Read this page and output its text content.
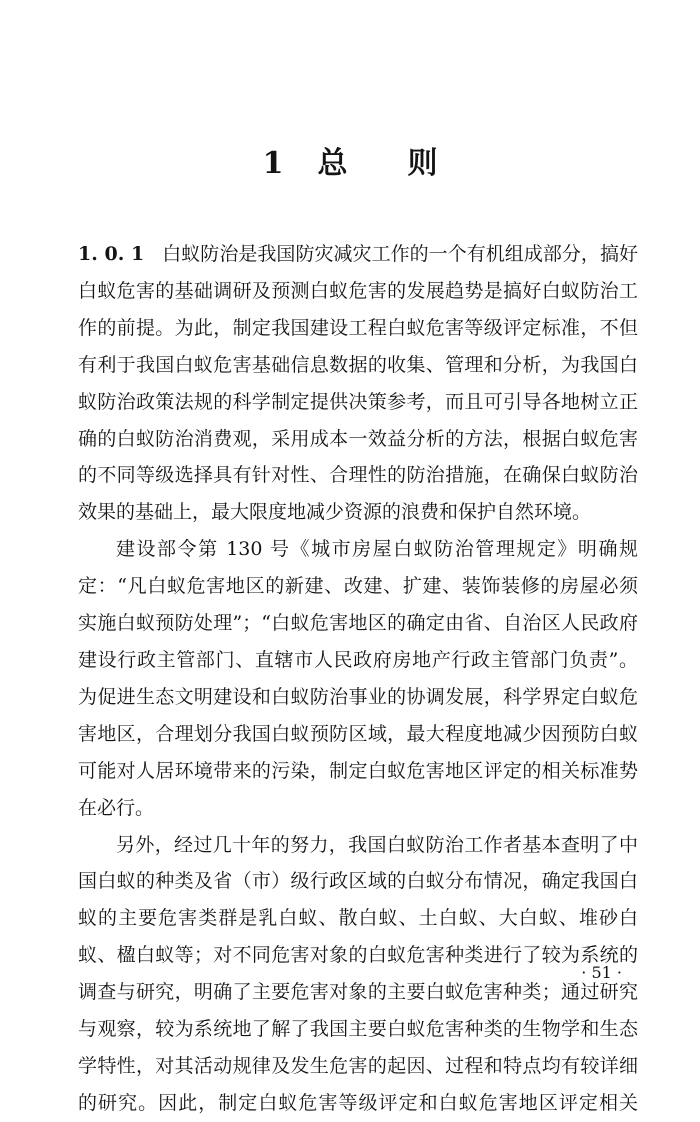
1 总 则

1. 0. 1 白蚁防治是我国防灾减灾工作的一个有机组成部分，搞好白蚁危害的基础调研及预测白蚁危害的发展趋势是搞好白蚁防治工作的前提。为此，制定我国建设工程白蚁危害等级评定标准，不但有利于我国白蚁危害基础信息数据的收集、管理和分析，为我国白蚁防治政策法规的科学制定提供决策参考，而且可引导各地树立正确的白蚁防治消费观，采用成本一效益分析的方法，根据白蚁危害的不同等级选择具有针对性、合理性的防治措施，在确保白蚁防治效果的基础上，最大限度地减少资源的浪费和保护自然环境。

建设部令第 130 号《城市房屋白蚁防治管理规定》明确规定：“凡白蚁危害地区的新建、改建、扩建、装饰装修的房屋必须实施白蚁预防处理”；“白蚁危害地区的确定由省、自治区人民政府建设行政主管部门、直辖市人民政府房地产行政主管部门负责”。为促进生态文明建设和白蚁防治事业的协调发展，科学界定白蚁危害地区，合理划分我国白蚁预防区域，最大程度地减少因预防白蚁可能对人居环境带来的污染，制定白蚁危害地区评定的相关标准势在必行。

另外，经过几十年的努力，我国白蚁防治工作者基本查明了中国白蚁的种类及省（市）级行政区域的白蚁分布情况，确定我国白蚁的主要危害类群是乳白蚁、散白蚁、土白蚁、大白蚁、堆砂白蚁、楹白蚁等；对不同危害对象的白蚁危害种类进行了较为系统的调查与研究，明确了主要危害对象的主要白蚁危害种类；通过研究与观察，较为系统地了解了我国主要白蚁危害种类的生物学和生态学特性，对其活动规律及发生危害的起因、过程和特点均有较详细的研究。因此，制定白蚁危害等级评定和白蚁危害地区评定相关

· 51 ·
